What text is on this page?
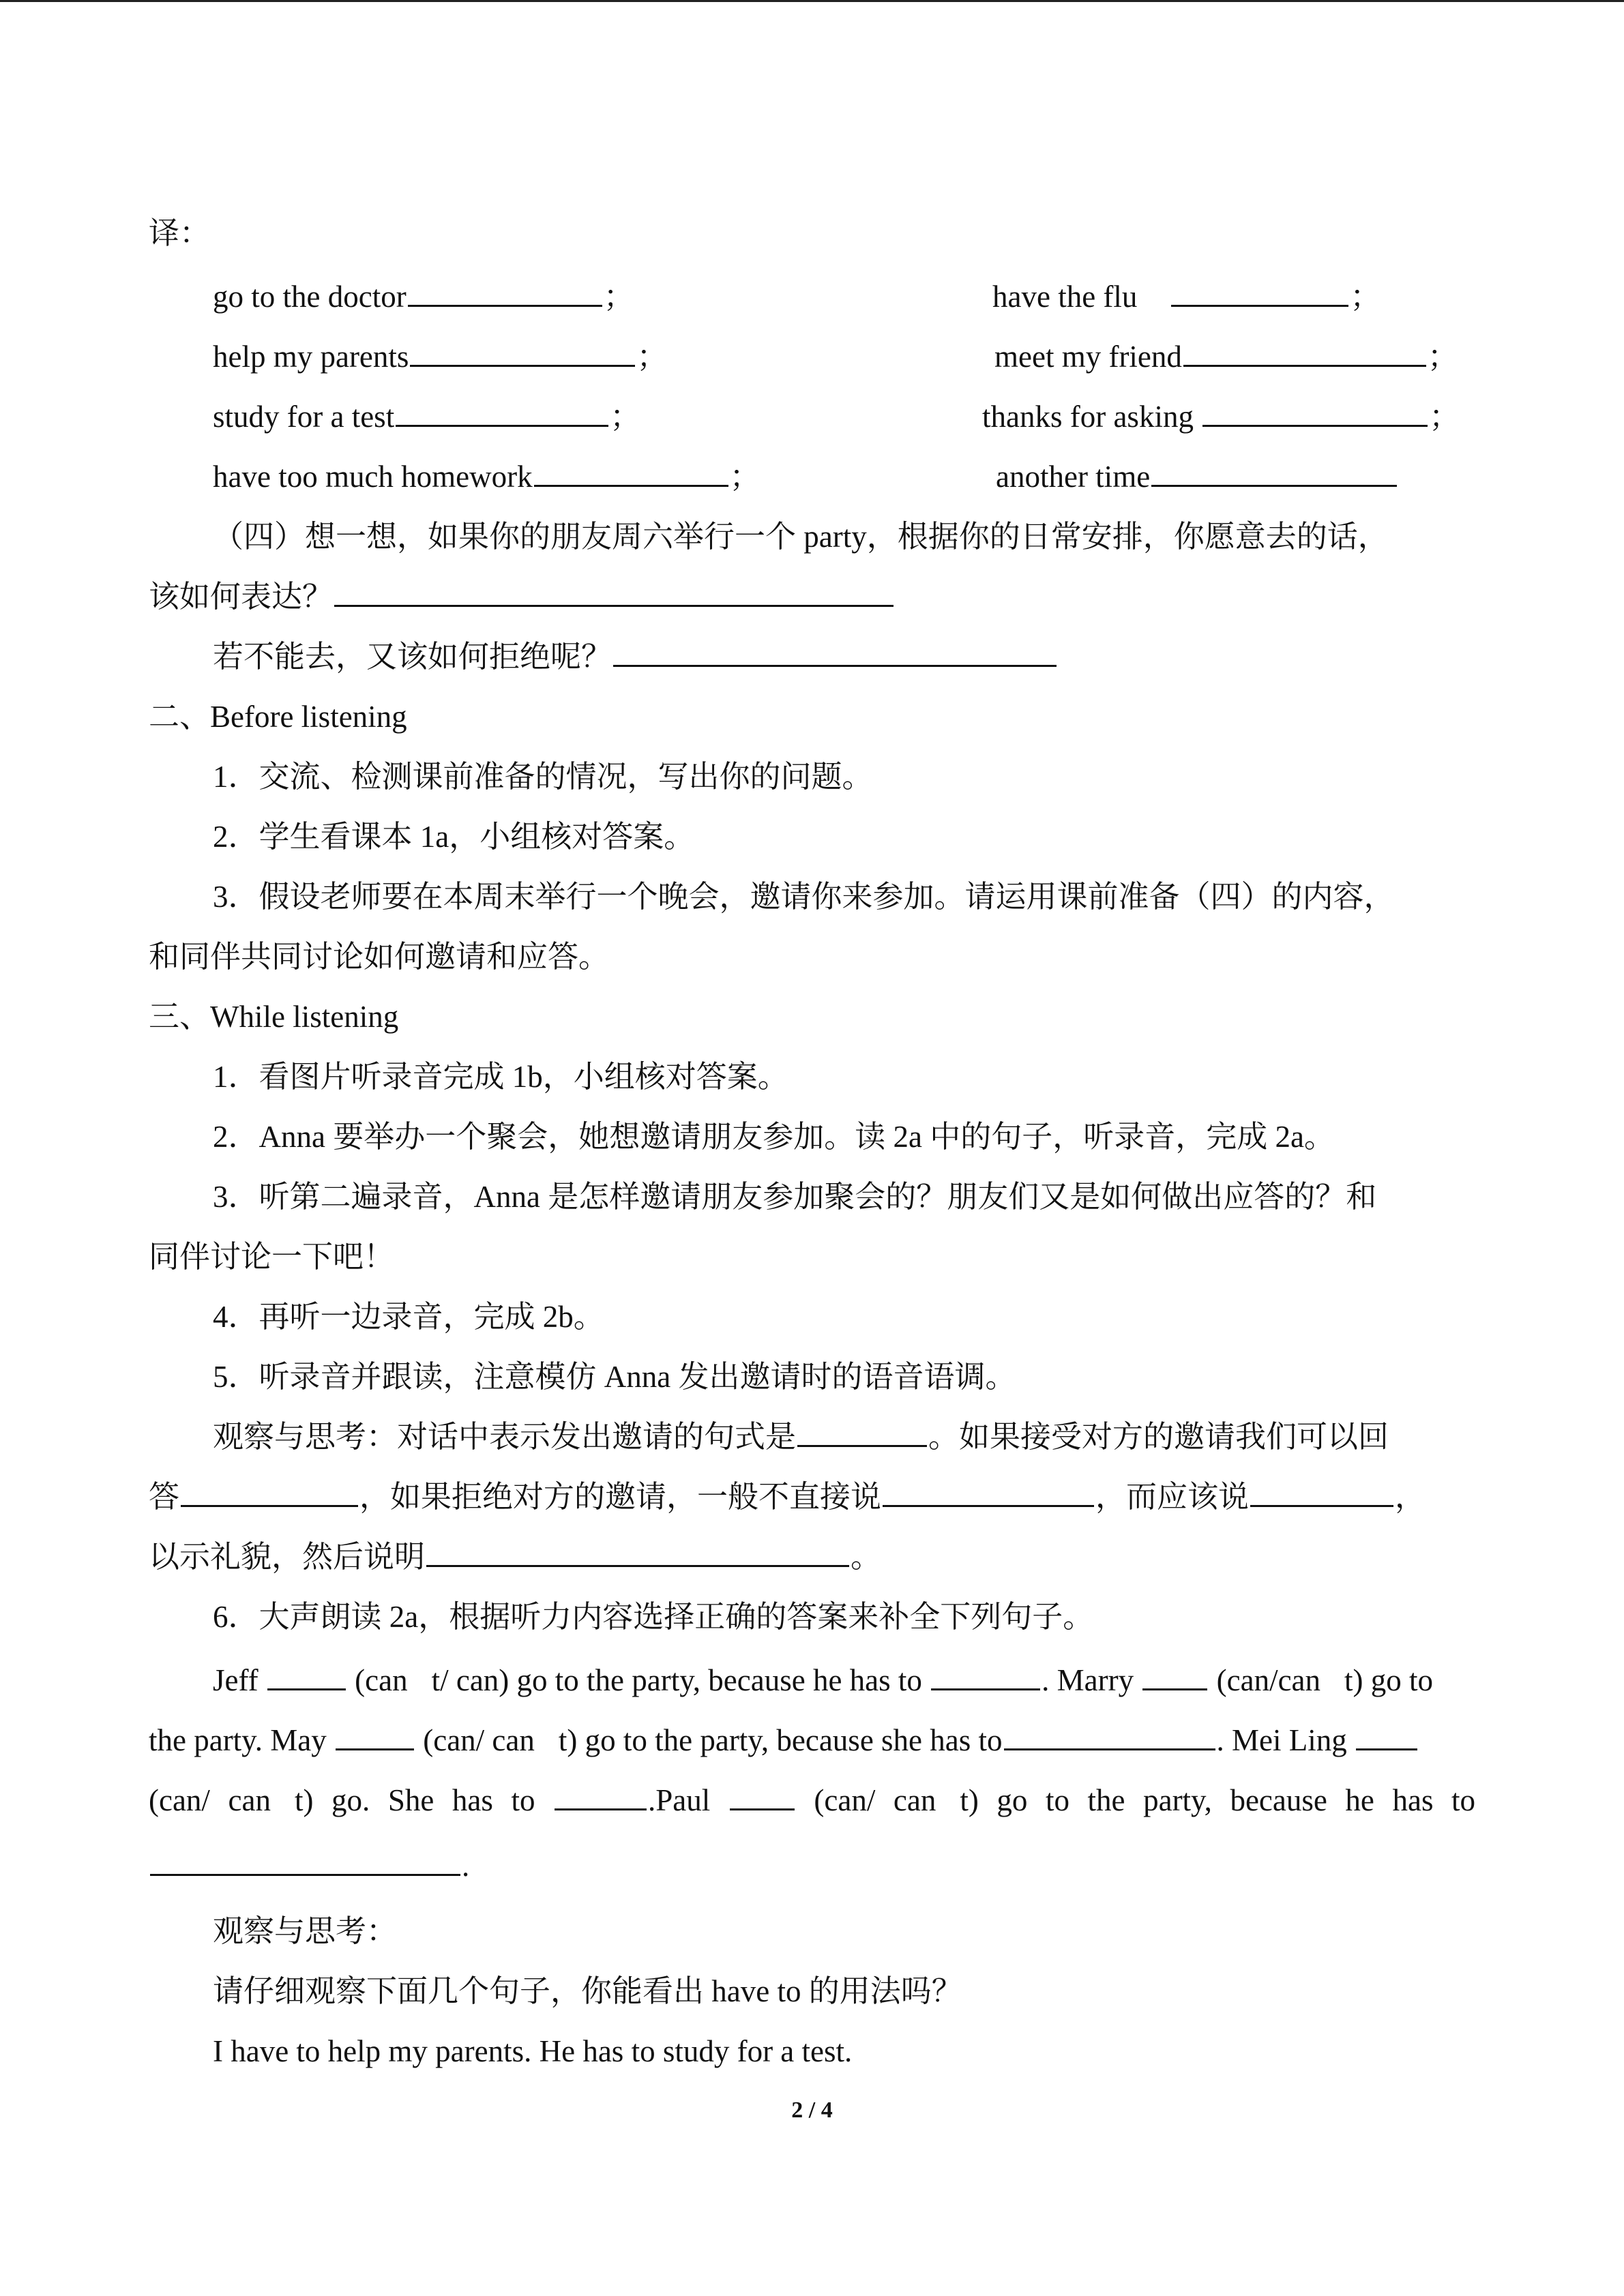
译：
go to the doctor	；	have the flu	；
help my parents	；	meet my friend	；
study for a test	；	thanks for asking	；
have too much homework	；	another time
（四）想一想，如果你的朋友周六举行一个 party，根据你的日常安排，你愿意去的话，
该如何表达？
若不能去，又该如何拒绝呢？
二、Before listening
1．交流、检测课前准备的情况，写出你的问题。
2．学生看课本 1a，小组核对答案。
3．假设老师要在本周末举行一个晚会，邀请你来参加。请运用课前准备（四）的内容，
和同伴共同讨论如何邀请和应答。
三、While listening
1．看图片听录音完成 1b，小组核对答案。
2．Anna 要举办一个聚会，她想邀请朋友参加。读 2a 中的句子，听录音，完成 2a。
3．听第二遍录音，Anna 是怎样邀请朋友参加聚会的？朋友们又是如何做出应答的？和
同伴讨论一下吧！
4．再听一边录音，完成 2b。
5．听录音并跟读，注意模仿 Anna 发出邀请时的语音语调。
观察与思考：对话中表示发出邀请的句式是	。如果接受对方的邀请我们可以回
答	，如果拒绝对方的邀请，一般不直接说	，而应该说	，
以示礼貌，然后说明	。
6．大声朗读 2a，根据听力内容选择正确的答案来补全下列句子。
Jeff	(can t/ can) go to the party, because he has to	. Marry	(can/can t) go to
the party. May	(can/ can t) go to the party, because she has to	. Mei Ling
(can/ can t) go. She has to	.Paul	(can/ can t) go to the party, because he has to
.
观察与思考：
请仔细观察下面几个句子，你能看出 have to 的用法吗？
I have to help my parents. He has to study for a test.
2 / 4
